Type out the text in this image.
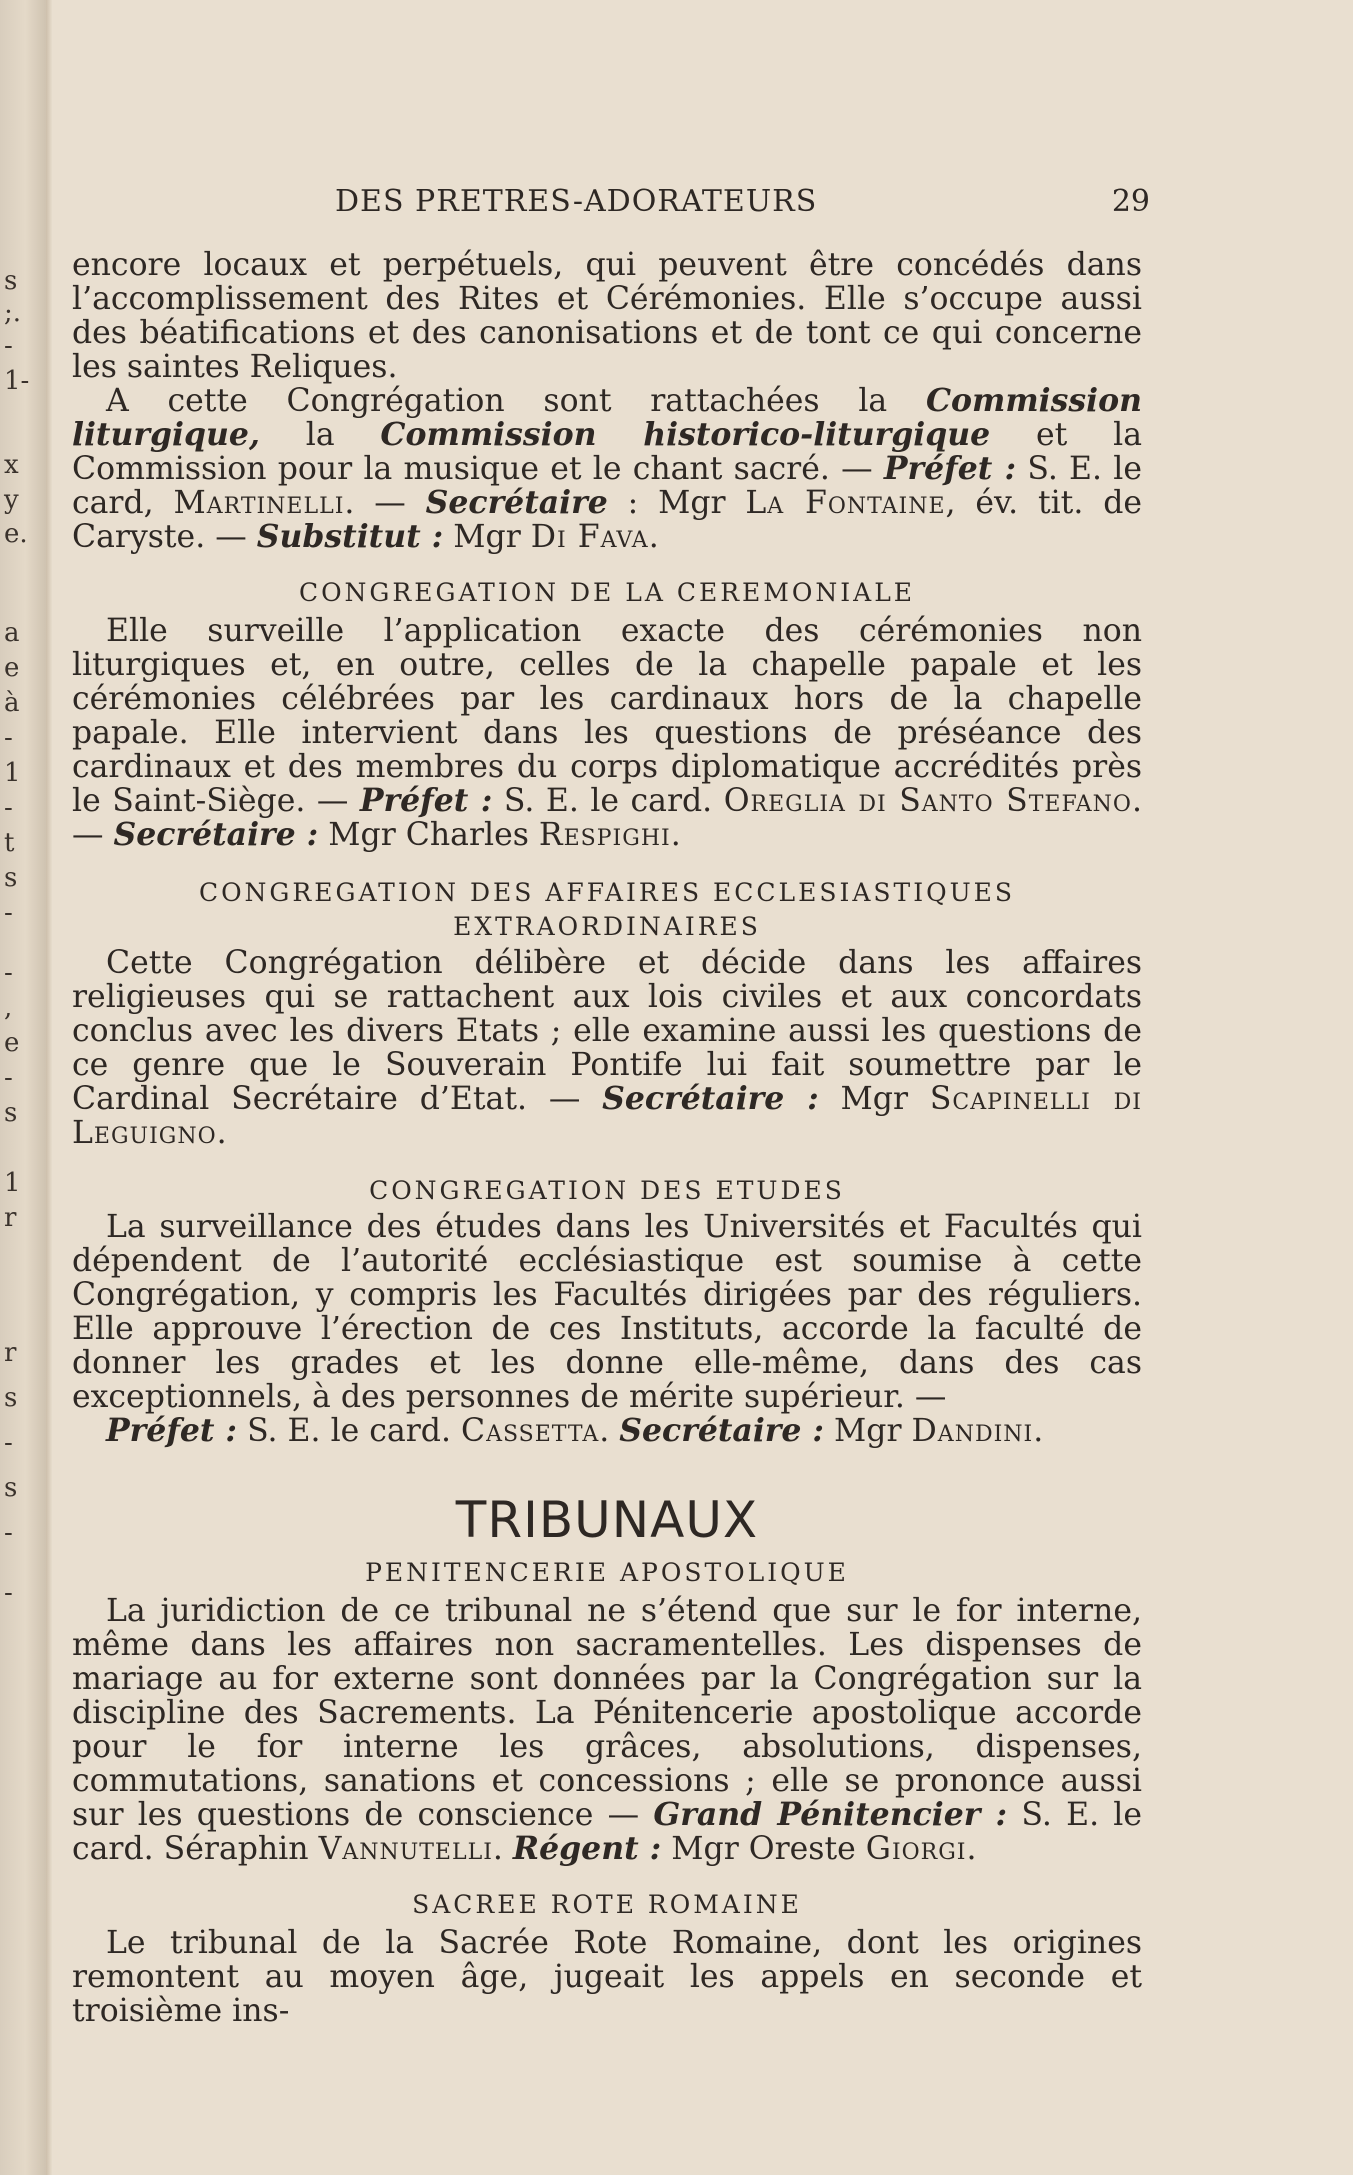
s
;.
-
1-
x
y
e.
a
e
à
-
1
-
t
s
-
-
,
e
-
s
1
r
r
s
-
s
-
-
DES PRETRES-ADORATEURS	29

encore locaux et perpétuels, qui peuvent être concédés dans l’accomplissement des Rites et Cérémonies. Elle s’occupe aussi des béatifications et des canonisations et de tont ce qui concerne les saintes Reliques.

A cette Congrégation sont rattachées la Commission liturgique, la Commission historico-liturgique et la Commission pour la musique et le chant sacré. — Préfet : S. E. le card, Martinelli. — Secrétaire : Mgr La Fontaine, év. tit. de Caryste. — Substitut : Mgr Di Fava.

CONGREGATION DE LA CEREMONIALE

Elle surveille l’application exacte des cérémonies non liturgiques et, en outre, celles de la chapelle papale et les cérémonies célébrées par les cardinaux hors de la chapelle papale. Elle intervient dans les questions de préséance des cardinaux et des membres du corps diplomatique accrédités près le Saint-Siège. — Préfet : S. E. le card. Oreglia di Santo Stefano. — Secrétaire : Mgr Charles Respighi.

CONGREGATION DES AFFAIRES ECCLESIASTIQUES
EXTRAORDINAIRES

Cette Congrégation délibère et décide dans les affaires religieuses qui se rattachent aux lois civiles et aux concordats conclus avec les divers Etats ; elle examine aussi les questions de ce genre que le Souverain Pontife lui fait soumettre par le Cardinal Secrétaire d’Etat. — Secrétaire : Mgr Scapinelli di Leguigno.

CONGREGATION DES ETUDES

La surveillance des études dans les Universités et Facultés qui dépendent de l’autorité ecclésiastique est soumise à cette Congrégation, y compris les Facultés dirigées par des réguliers. Elle approuve l’érection de ces Instituts, accorde la faculté de donner les grades et les donne elle-même, dans des cas exceptionnels, à des personnes de mérite supérieur. —

Préfet : S. E. le card. Cassetta. Secrétaire : Mgr Dandini.

TRIBUNAUX
PENITENCERIE APOSTOLIQUE

La juridiction de ce tribunal ne s’étend que sur le for interne, même dans les affaires non sacramentelles. Les dispenses de mariage au for externe sont données par la Congrégation sur la discipline des Sacrements. La Pénitencerie apostolique accorde pour le for interne les grâces, absolutions, dispenses, commutations, sanations et concessions ; elle se prononce aussi sur les questions de conscience — Grand Pénitencier : S. E. le card. Séraphin Vannutelli. Régent : Mgr Oreste Giorgi.

SACREE ROTE ROMAINE

Le tribunal de la Sacrée Rote Romaine, dont les origines remontent au moyen âge, jugeait les appels en seconde et troisième ins-
